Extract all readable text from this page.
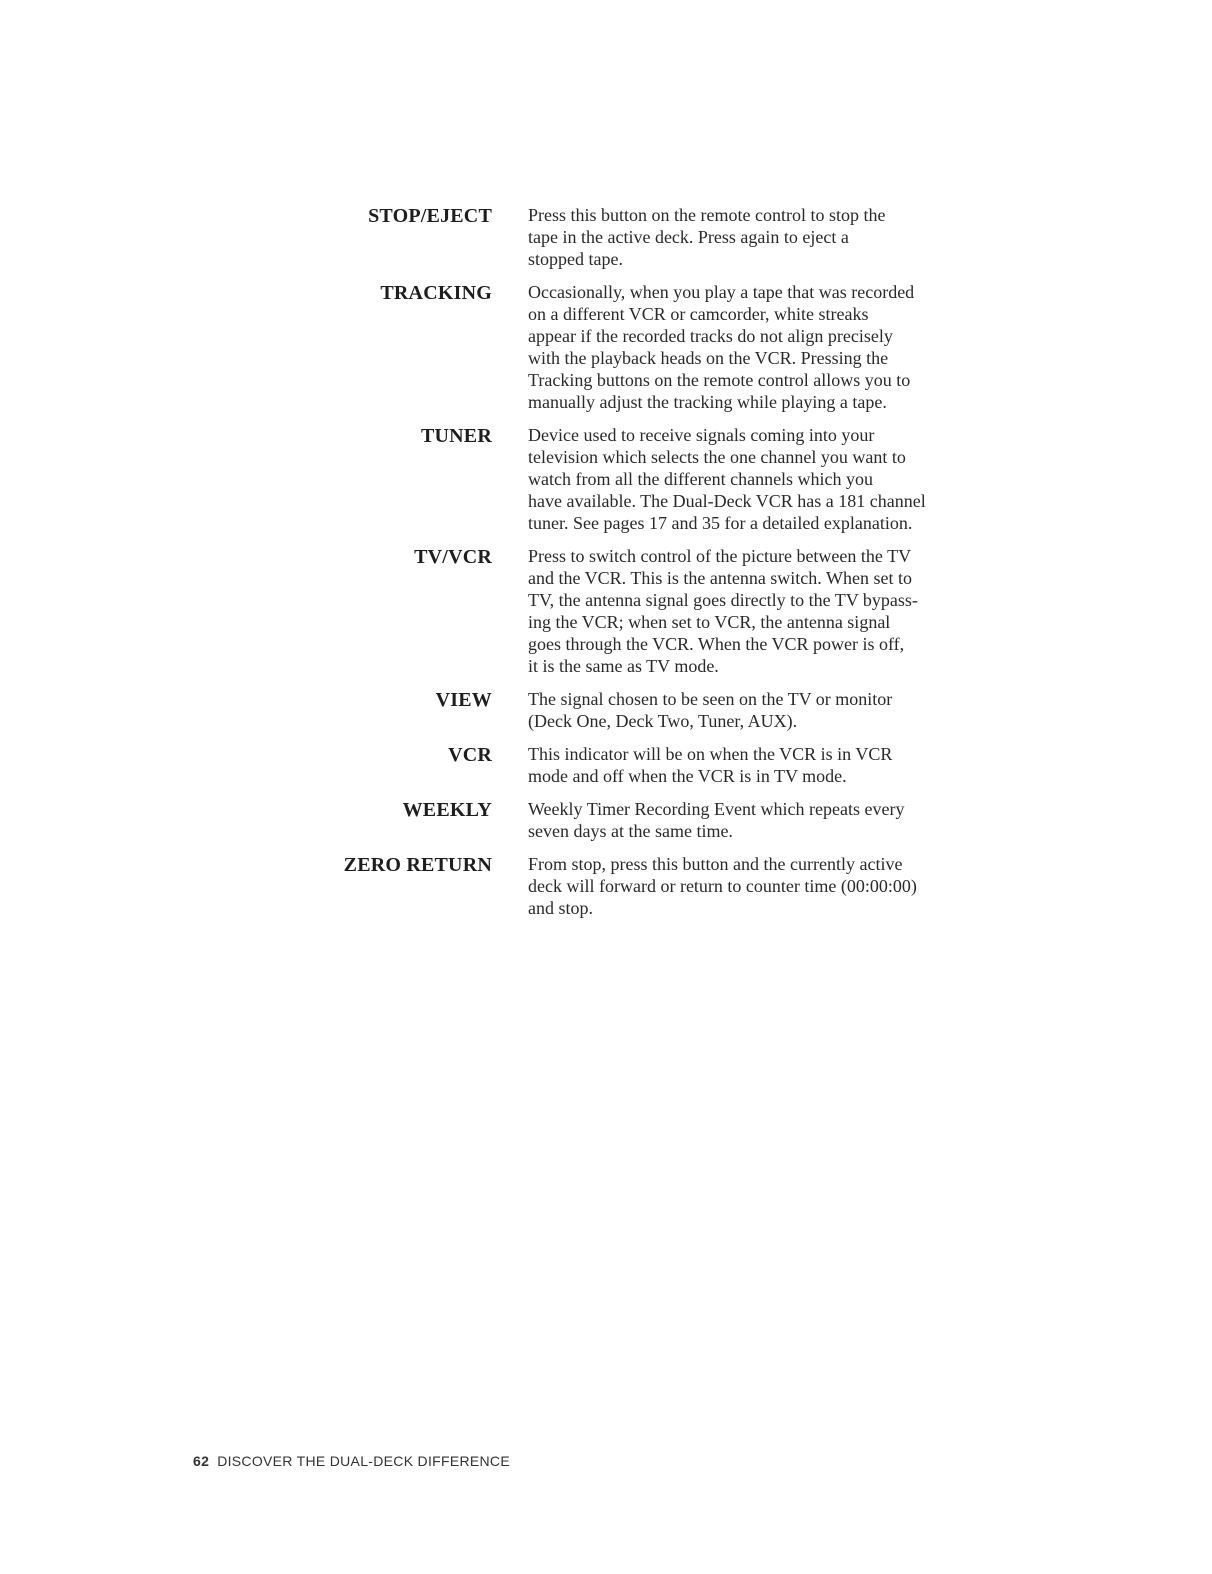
STOP/EJECT Press this button on the remote control to stop the
tape in the active deck. Press again to eject a
stopped tape.
TRACKING Occasionally, when you play a tape that was recorded
on a different VCR or camcorder, white streaks
appear if the recorded tracks do not align precisely
with the playback heads on the VCR. Pressing the
Tracking buttons on the remote control allows you to
manually adjust the tracking while playing a tape.
TUNER Device used to receive signals coming into your
television which selects the one channel you want to
watch from all the different channels which you
have available. The Dual-Deck VCR has a 181 channel
tuner. See pages 17 and 35 for a detailed explanation.
TV/VCR Press to switch control of the picture between the TV
and the VCR. This is the antenna switch. When set to
TV, the antenna signal goes directly to the TV bypass-
ing the VCR; when set to VCR, the antenna signal
goes through the VCR. When the VCR power is off,
it is the same as TV mode.
VIEW The signal chosen to be seen on the TV or monitor
(Deck One, Deck Two, Tuner, AUX).
VCR This indicator will be on when the VCR is in VCR
mode and off when the VCR is in TV mode.
WEEKLY Weekly Timer Recording Event which repeats every
seven days at the same time.
ZERO RETURN From stop, press this button and the currently active
deck will forward or return to counter time (00:00:00)
and stop.
62 DISCOVER THE DUAL-DECK DIFFERENCE
